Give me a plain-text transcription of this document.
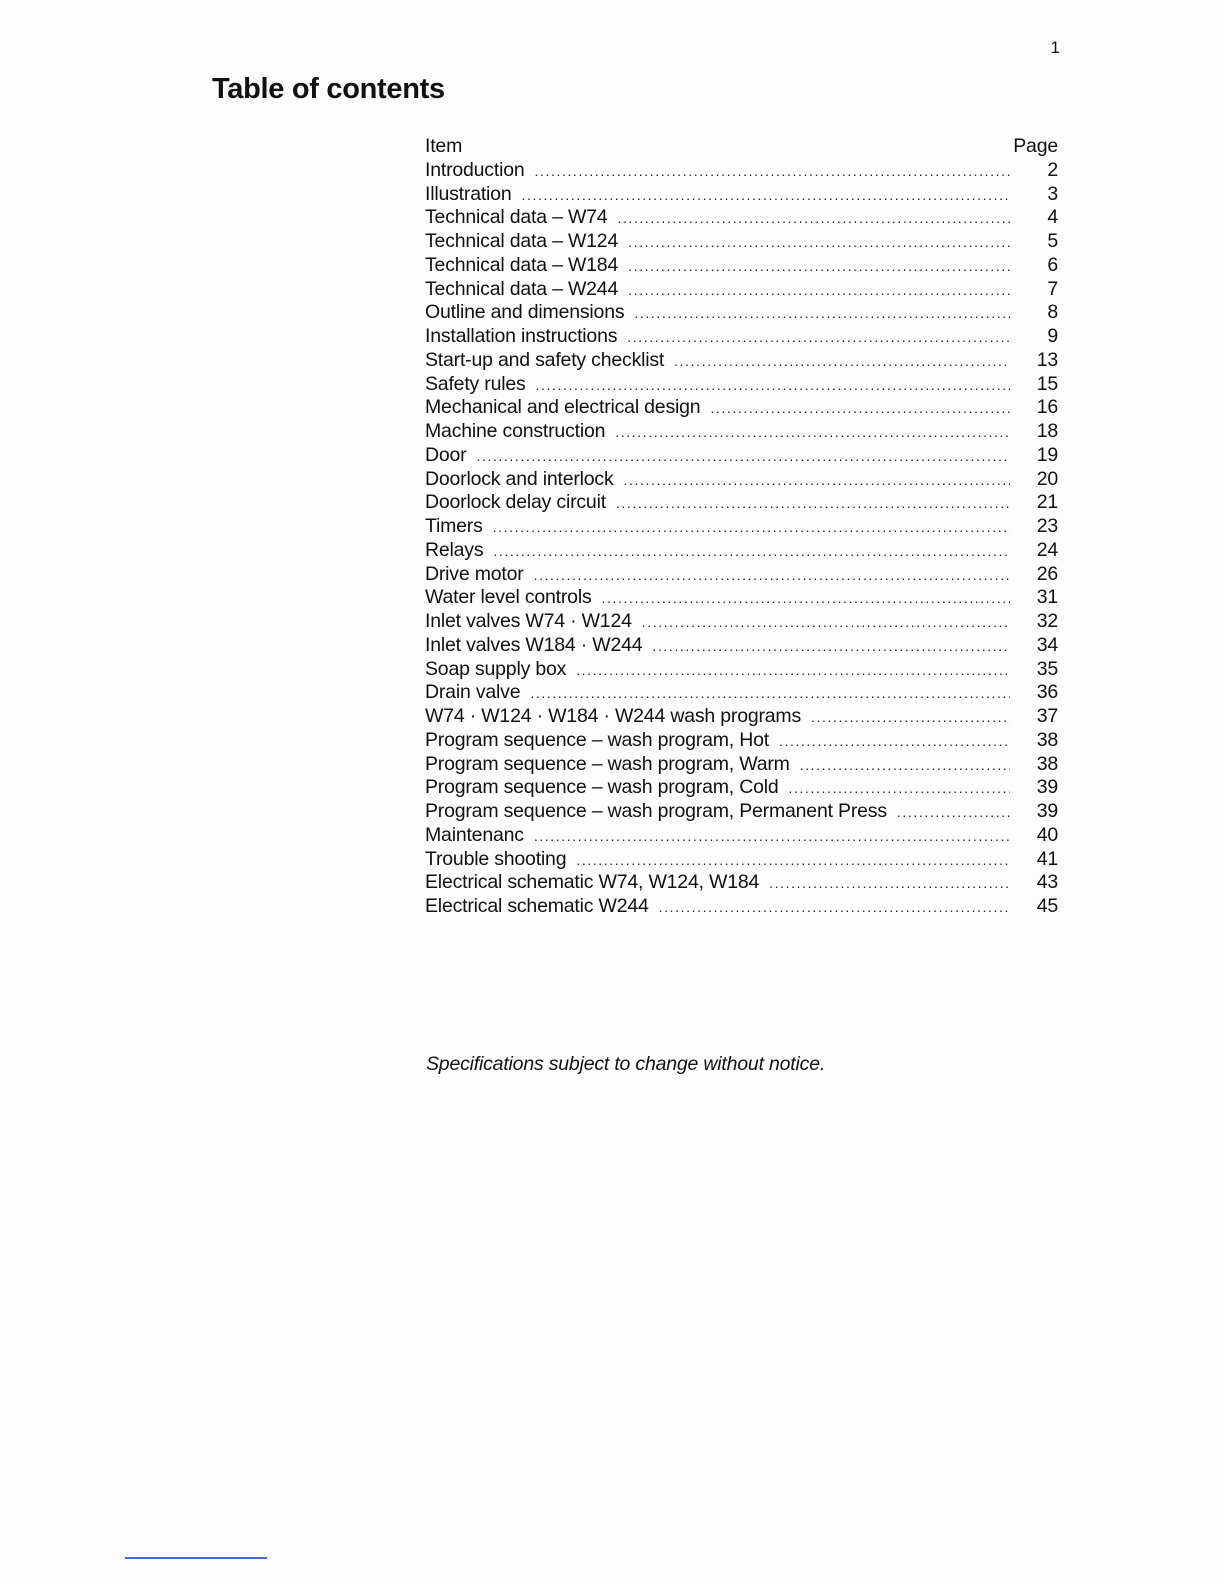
1
Table of contents
Item	Page
Introduction .....	2
Illustration .....	3
Technical data – W74 .....	4
Technical data – W124 .....	5
Technical data – W184 .....	6
Technical data – W244 .....	7
Outline and dimensions .....	8
Installation instructions .....	9
Start-up and safety checklist .....	13
Safety rules .....	15
Mechanical and electrical design .....	16
Machine construction .....	18
Door .....	19
Doorlock and interlock .....	20
Doorlock delay circuit .....	21
Timers .....	23
Relays .....	24
Drive motor .....	26
Water level controls .....	31
Inlet valves W74 · W124 .....	32
Inlet valves W184 · W244 .....	34
Soap supply box .....	35
Drain valve .....	36
W74 · W124 · W184 · W244 wash programs .....	37
Program sequence – wash program, Hot .....	38
Program sequence – wash program, Warm .....	38
Program sequence – wash program, Cold .....	39
Program sequence – wash program, Permanent Press .....	39
Maintenanc .....	40
Trouble shooting .....	41
Electrical schematic W74, W124, W184 .....	43
Electrical schematic W244 .....	45
Specifications subject to change without notice.
